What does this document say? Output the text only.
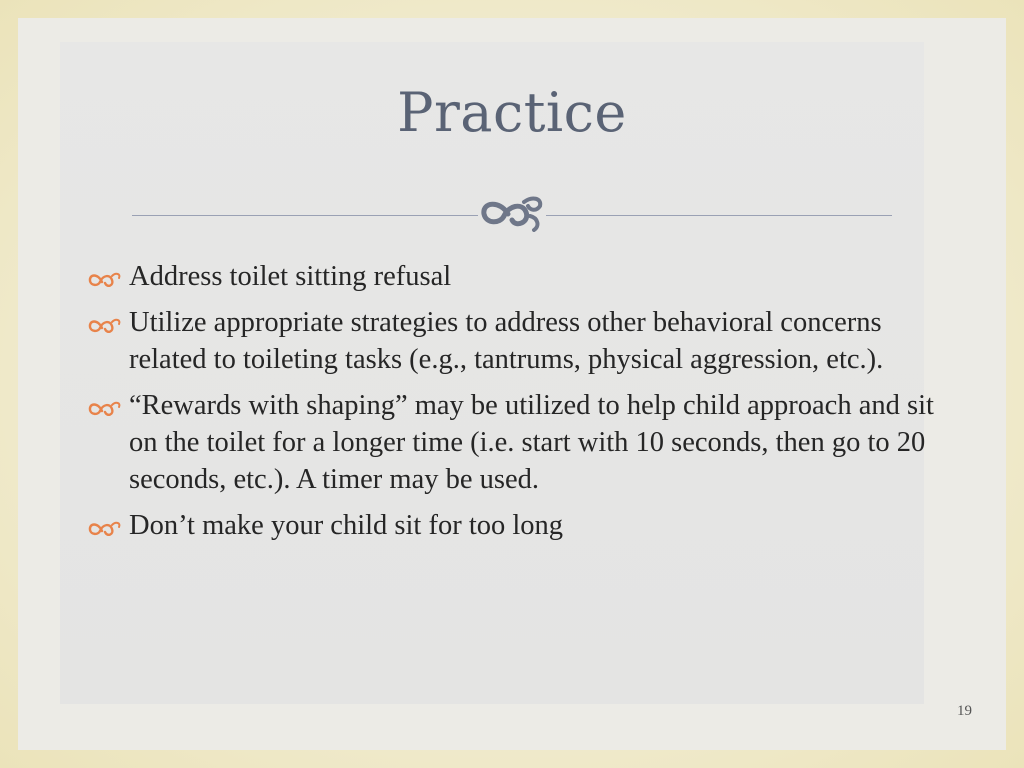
Practice
Address toilet sitting refusal
Utilize appropriate strategies to address other behavioral concerns related to toileting tasks (e.g., tantrums, physical aggression, etc.).
“Rewards with shaping” may be utilized to help child approach and sit on the toilet for a longer time (i.e. start with 10 seconds, then go to 20 seconds, etc.). A timer may be used.
Don’t make your child sit for too long
19
